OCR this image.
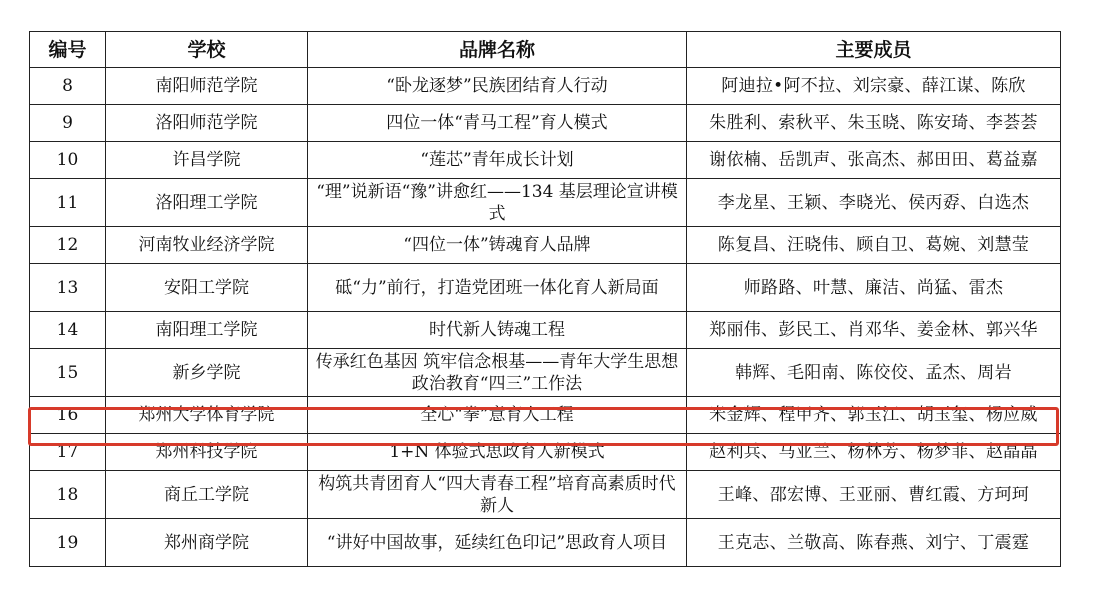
编号	学校	品牌名称	主要成员
8	南阳师范学院	“卧龙逐梦”民族团结育人行动	阿迪拉•阿不拉、刘宗豪、薛江谋、陈欣
9	洛阳师范学院	四位一体“青马工程”育人模式	朱胜利、索秋平、朱玉晓、陈安琦、李荟荟
10	许昌学院	“莲芯”青年成长计划	谢依楠、岳凯声、张高杰、郝田田、葛益嘉
11	洛阳理工学院	“理”说新语“豫”讲愈红——134 基层理论宣讲模式	李龙星、王颖、李晓光、侯丙孬、白选杰
12	河南牧业经济学院	“四位一体”铸魂育人品牌	陈复昌、汪晓伟、顾自卫、葛婉、刘慧莹
13	安阳工学院	砥“力”前行，打造党团班一体化育人新局面	师路路、叶慧、廉洁、尚猛、雷杰
14	南阳理工学院	时代新人铸魂工程	郑丽伟、彭民工、肖邓华、姜金林、郭兴华
15	新乡学院	传承红色基因 筑牢信念根基——青年大学生思想政治教育“四三”工作法	韩辉、毛阳南、陈佼佼、孟杰、周岩
16	郑州大学体育学院	全心“拳”意育人工程	米金辉、程甲齐、郭玉江、胡玉玺、杨应威
17	郑州科技学院	1+N 体验式思政育人新模式	赵利兵、马亚兰、杨林芳、杨梦菲、赵晶晶
18	商丘工学院	构筑共青团育人“四大青春工程”培育高素质时代新人	王峰、邵宏博、王亚丽、曹红霞、方珂珂
19	郑州商学院	“讲好中国故事，延续红色印记”思政育人项目	王克志、兰敬高、陈春燕、刘宁、丁震霆
